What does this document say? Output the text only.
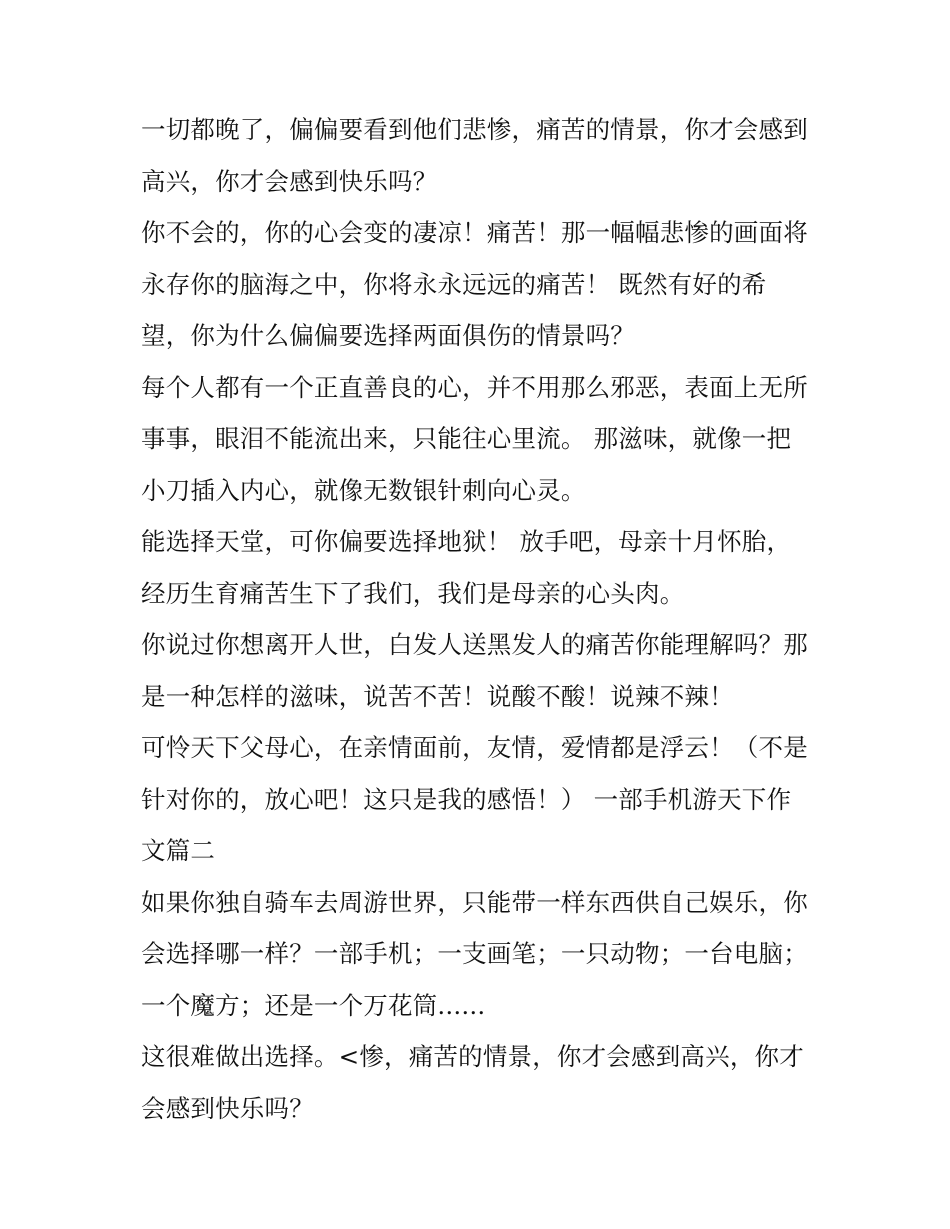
一切都晚了，偏偏要看到他们悲惨，痛苦的情景，你才会感到
高兴，你才会感到快乐吗？
你不会的，你的心会变的凄凉！痛苦！那一幅幅悲惨的画面将
永存你的脑海之中，你将永永远远的痛苦！ 既然有好的希
望，你为什么偏偏要选择两面俱伤的情景吗？
每个人都有一个正直善良的心，并不用那么邪恶，表面上无所
事事，眼泪不能流出来，只能往心里流。 那滋味，就像一把
小刀插入内心，就像无数银针刺向心灵。
能选择天堂，可你偏要选择地狱！ 放手吧，母亲十月怀胎，
经历生育痛苦生下了我们，我们是母亲的心头肉。
你说过你想离开人世，白发人送黑发人的痛苦你能理解吗？那
是一种怎样的滋味，说苦不苦！说酸不酸！说辣不辣！
可怜天下父母心，在亲情面前，友情，爱情都是浮云！（不是
针对你的，放心吧！这只是我的感悟！） 一部手机游天下作
文篇二
如果你独自骑车去周游世界，只能带一样东西供自己娱乐，你
会选择哪一样？一部手机；一支画笔；一只动物；一台电脑；
一个魔方；还是一个万花筒......
这很难做出选择。<惨，痛苦的情景，你才会感到高兴，你才
会感到快乐吗？
